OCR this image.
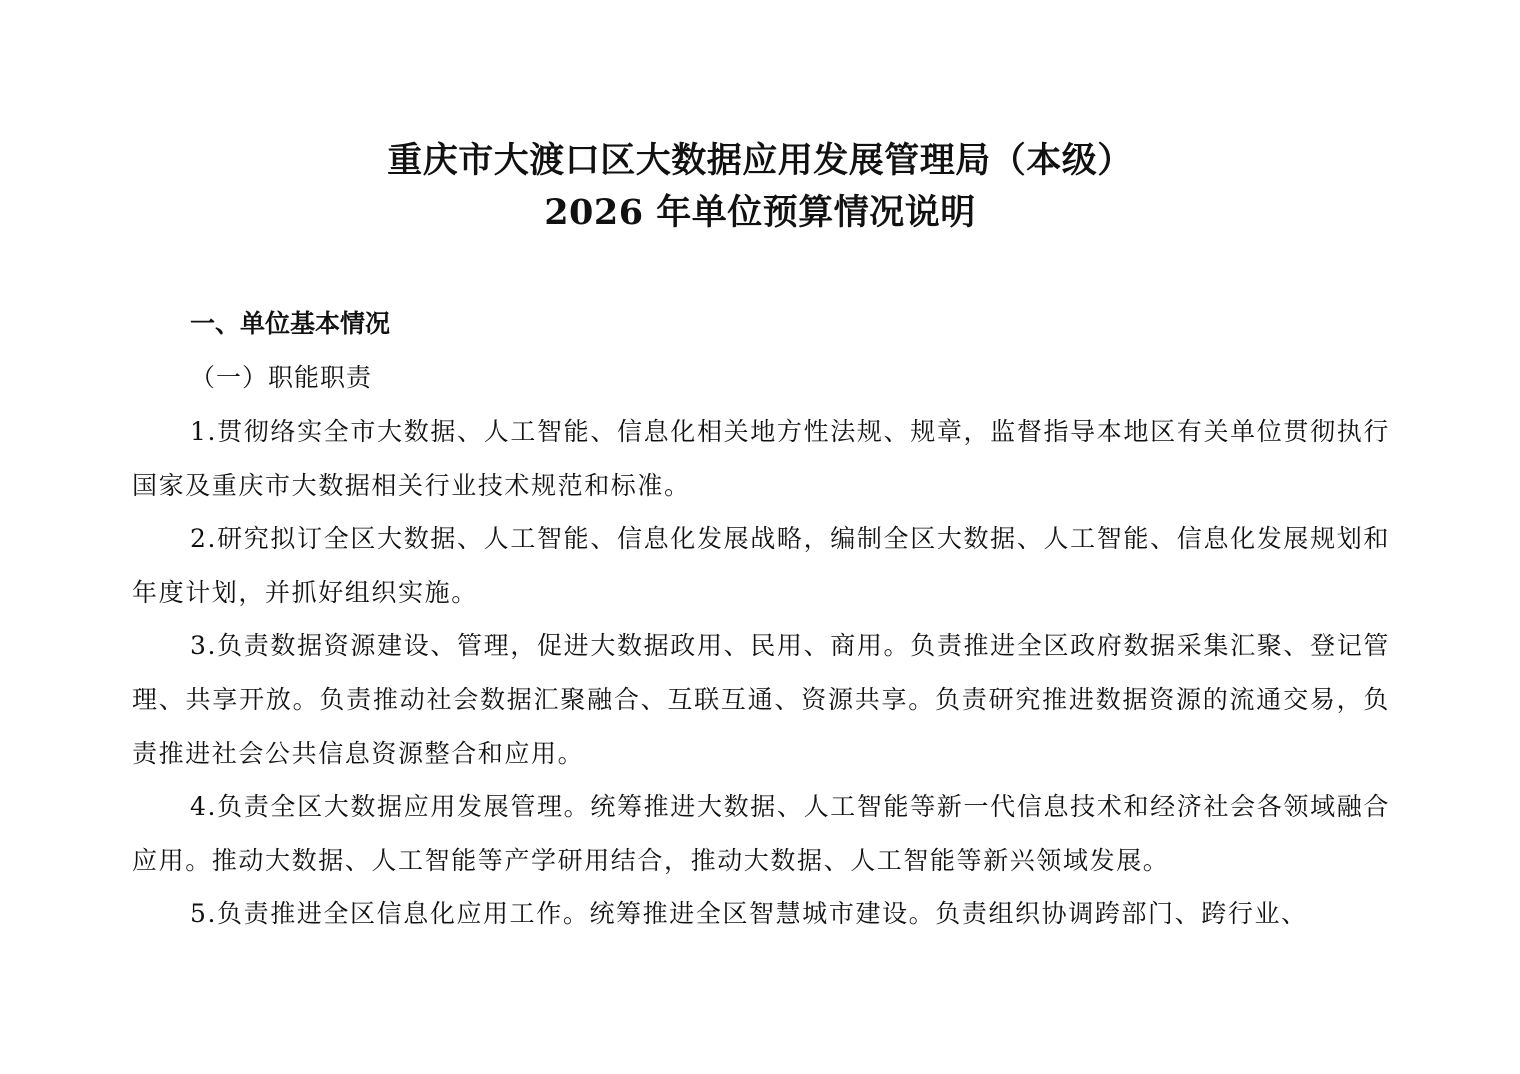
重庆市大渡口区大数据应用发展管理局（本级）
2026 年单位预算情况说明
一、单位基本情况
（一）职能职责

1.贯彻络实全市大数据、人工智能、信息化相关地方性法规、规章，监督指导本地区有关单位贯彻执行国家及重庆市大数据相关行业技术规范和标准。

2.研究拟订全区大数据、人工智能、信息化发展战略，编制全区大数据、人工智能、信息化发展规划和年度计划，并抓好组织实施。

3.负责数据资源建设、管理，促进大数据政用、民用、商用。负责推进全区政府数据采集汇聚、登记管理、共享开放。负责推动社会数据汇聚融合、互联互通、资源共享。负责研究推进数据资源的流通交易，负责推进社会公共信息资源整合和应用。

4.负责全区大数据应用发展管理。统筹推进大数据、人工智能等新一代信息技术和经济社会各领域融合应用。推动大数据、人工智能等产学研用结合，推动大数据、人工智能等新兴领域发展。

5.负责推进全区信息化应用工作。统筹推进全区智慧城市建设。负责组织协调跨部门、跨行业、
